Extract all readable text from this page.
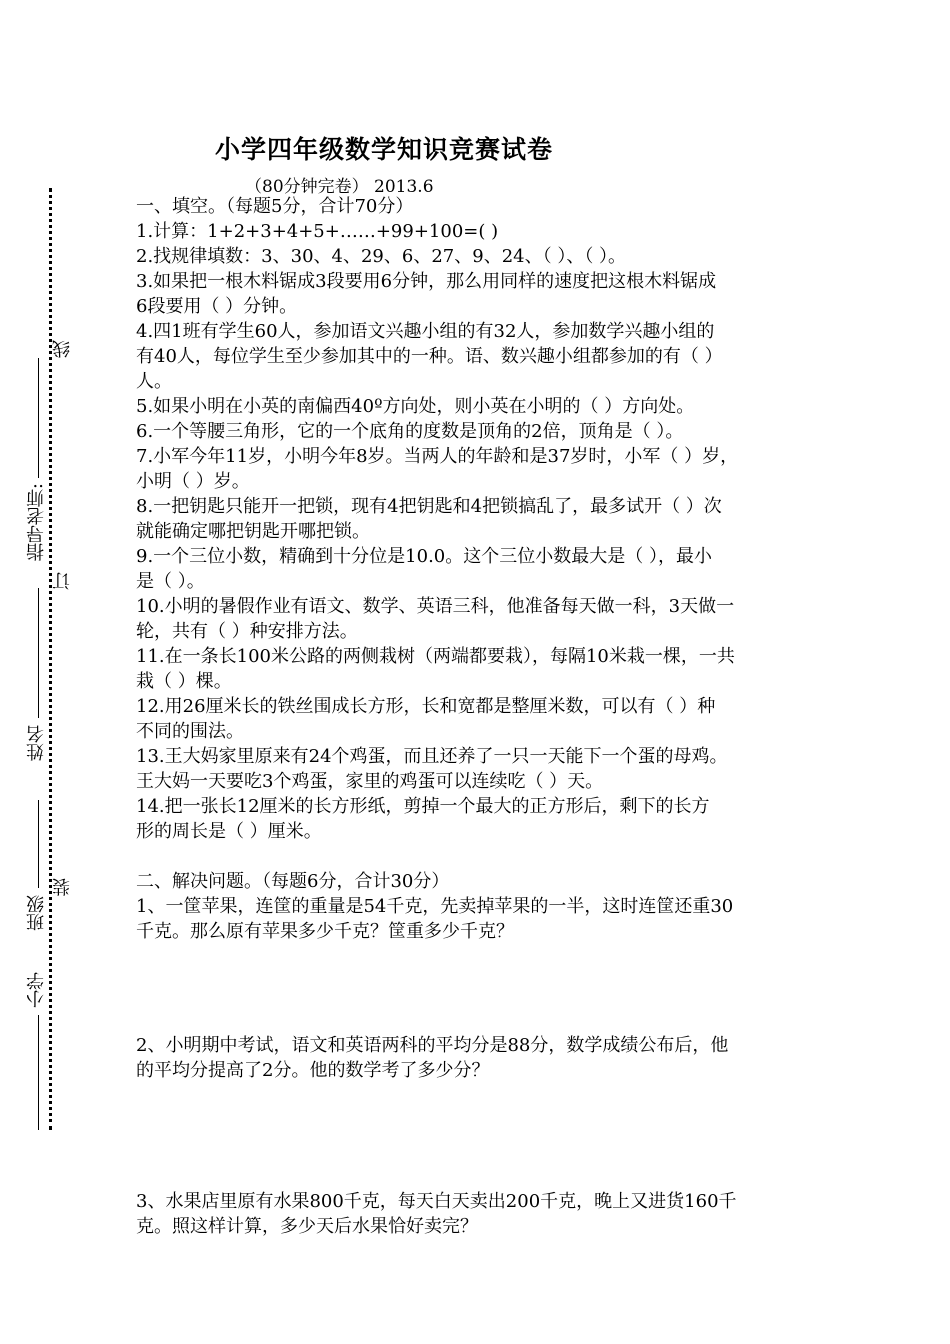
线
订
装
指导老师:
姓名
班级
小学
小学四年级数学知识竞赛试卷
（80分钟完卷） 2013.6

一、填空。（每题5分，合计70分）

1.计算：1+2+3+4+5+……+99+100=( )

2.找规律填数：3、30、4、29、6、27、9、24、（ ）、（ ）。

3.如果把一根木料锯成3段要用6分钟，那么用同样的速度把这根木料锯成

6段要用（ ）分钟。

4.四1班有学生60人，参加语文兴趣小组的有32人，参加数学兴趣小组的

有40人，每位学生至少参加其中的一种。语、数兴趣小组都参加的有（ ）

人。

5.如果小明在小英的南偏西40º方向处，则小英在小明的（ ）方向处。

6.一个等腰三角形，它的一个底角的度数是顶角的2倍，顶角是（ ）。

7.小军今年11岁，小明今年8岁。当两人的年龄和是37岁时，小军（ ）岁，

小明（ ）岁。

8.一把钥匙只能开一把锁，现有4把钥匙和4把锁搞乱了，最多试开（ ）次

就能确定哪把钥匙开哪把锁。

9.一个三位小数，精确到十分位是10.0。这个三位小数最大是（ ），最小

是（ ）。

10.小明的暑假作业有语文、数学、英语三科，他准备每天做一科，3天做一

轮，共有（ ）种安排方法。

11.在一条长100米公路的两侧栽树（两端都要栽），每隔10米栽一棵，一共

栽（ ）棵。

12.用26厘米长的铁丝围成长方形，长和宽都是整厘米数，可以有（ ）种

不同的围法。

13.王大妈家里原来有24个鸡蛋，而且还养了一只一天能下一个蛋的母鸡。

王大妈一天要吃3个鸡蛋，家里的鸡蛋可以连续吃（ ）天。

14.把一张长12厘米的长方形纸，剪掉一个最大的正方形后，剩下的长方

形的周长是（ ）厘米。

二、解决问题。（每题6分，合计30分）

1、一筐苹果，连筐的重量是54千克，先卖掉苹果的一半，这时连筐还重30

千克。那么原有苹果多少千克？筐重多少千克？

2、小明期中考试，语文和英语两科的平均分是88分，数学成绩公布后，他

的平均分提高了2分。他的数学考了多少分？

3、水果店里原有水果800千克，每天白天卖出200千克，晚上又进货160千

克。照这样计算，多少天后水果恰好卖完？
